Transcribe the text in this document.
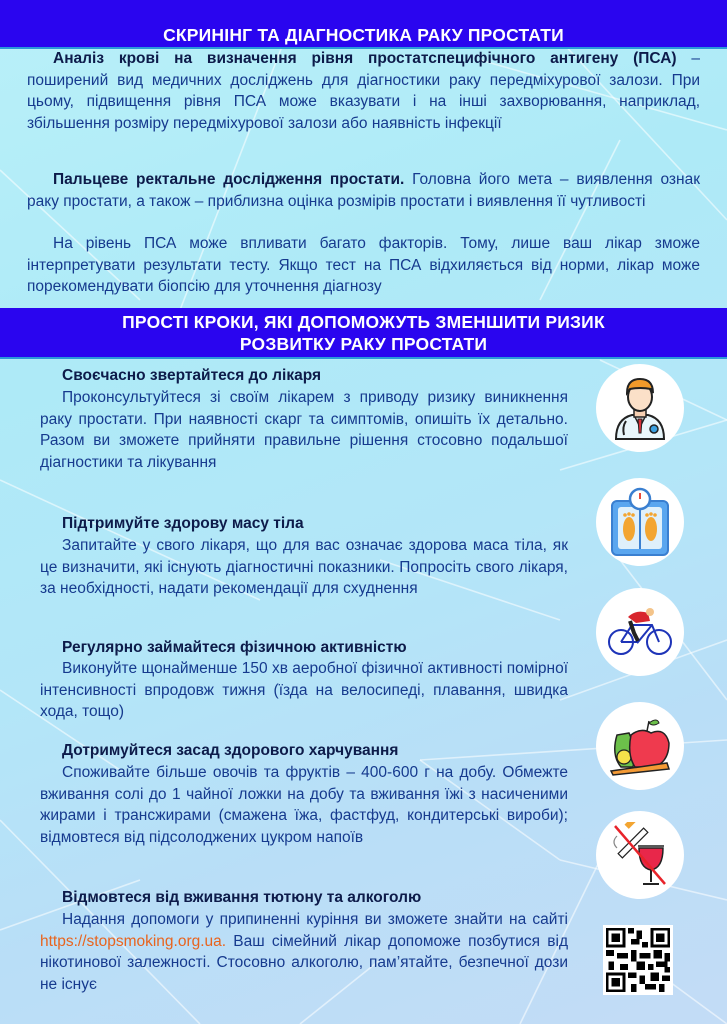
СКРИНІНГ ТА ДІАГНОСТИКА РАКУ ПРОСТАТИ
Аналіз крові на визначення рівня простатспецифічного антигену (ПСА) – поширений вид медичних досліджень для діагностики раку передміхурової залози. При цьому, підвищення рівня ПСА може вказувати і на інші захворювання, наприклад, збільшення розміру передміхурової залози або наявність інфекції
Пальцеве ректальне дослідження простати. Головна його мета – виявлення ознак раку простати, а також – приблизна оцінка розмірів простати і виявлення її чутливості
На рівень ПСА може впливати багато факторів. Тому, лише ваш лікар зможе інтерпретувати результати тесту. Якщо тест на ПСА відхиляється від норми, лікар може порекомендувати біопсію для уточнення діагнозу
ПРОСТІ КРОКИ, ЯКІ ДОПОМОЖУТЬ ЗМЕНШИТИ РИЗИК
РОЗВИТКУ РАКУ ПРОСТАТИ
Своєчасно звертайтеся до лікаря
Проконсультуйтеся зі своїм лікарем з приводу ризику виникнення раку простати. При наявності скарг та симптомів, опишіть їх детально. Разом ви зможете прийняти правильне рішення стосовно подальшої діагностики та лікування
Підтримуйте здорову масу тіла
Запитайте у свого лікаря, що для вас означає здорова маса тіла, як це визначити, які існують діагностичні показники. Попросіть свого лікаря, за необхідності, надати рекомендації для схуднення
Регулярно займайтеся фізичною активністю
Виконуйте щонайменше 150 хв аеробної фізичної активності помірної інтенсивності впродовж тижня (їзда на велосипеді, плавання, швидка хода, тощо)
Дотримуйтеся засад здорового харчування
Споживайте більше овочів та фруктів – 400-600 г на добу. Обмежте вживання солі до 1 чайної ложки на добу та вживання їжі з насиченими жирами і трансжирами (смажена їжа, фастфуд, кондитерські вироби); відмовтеся від підсолоджених цукром напоїв
Відмовтеся від вживання тютюну та алкоголю
Надання допомоги у припиненні куріння ви зможете знайти на сайті https://stopsmoking.org.ua. Ваш сімейний лікар допоможе позбутися від нікотинової залежності. Стосовно алкоголю, пам’ятайте, безпечної дози не існує
